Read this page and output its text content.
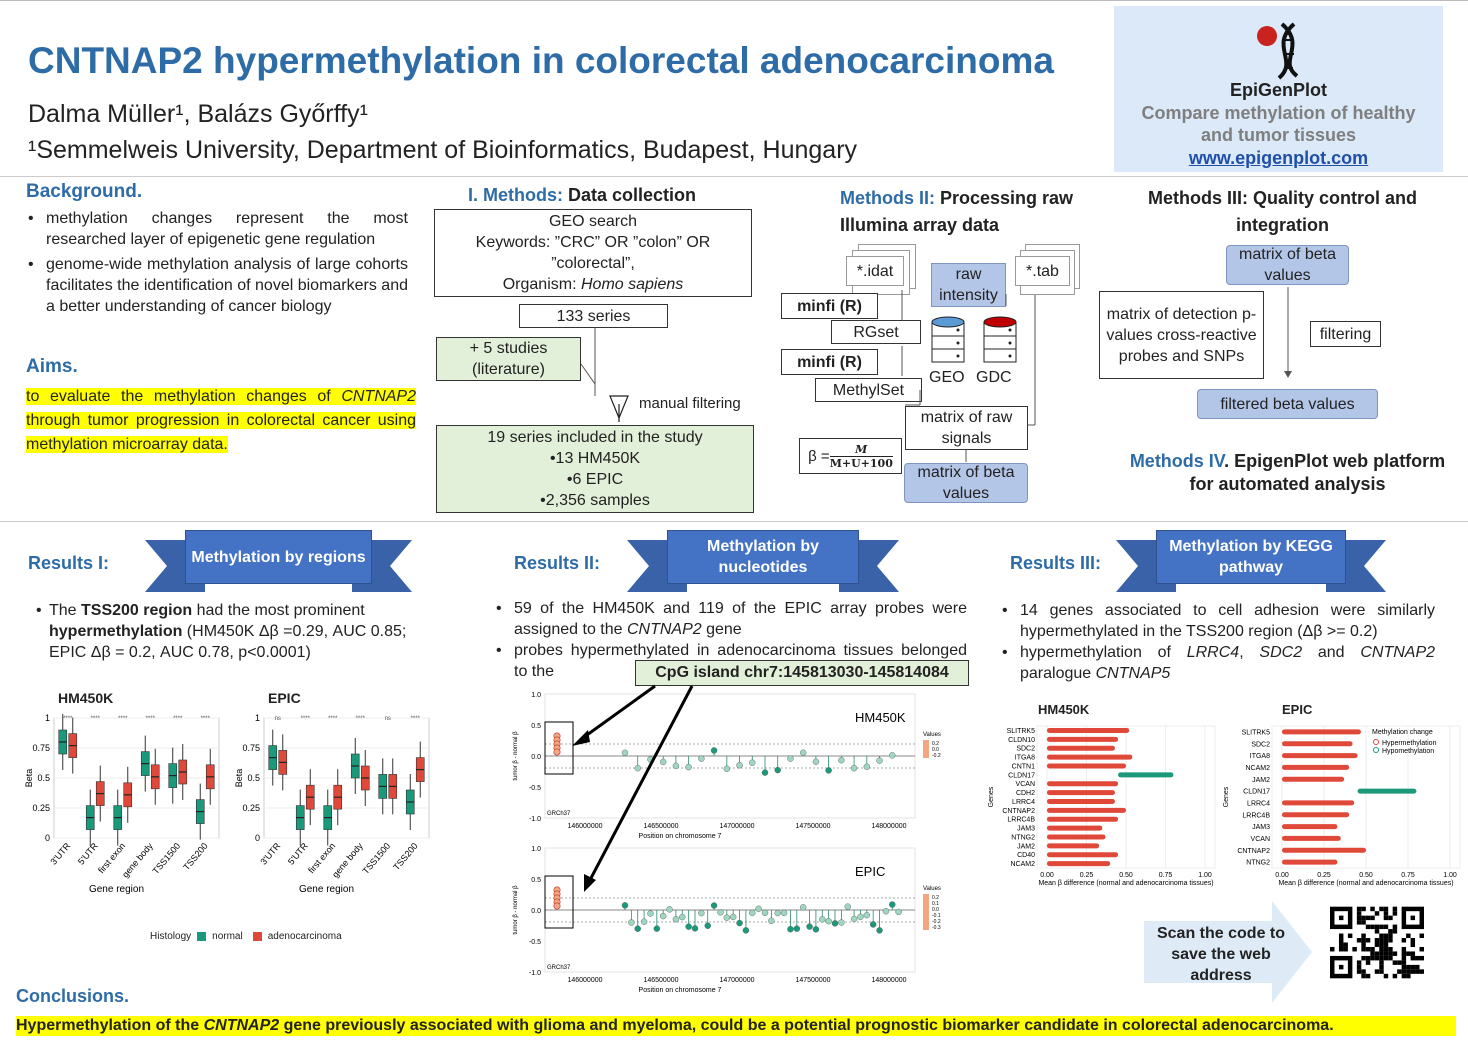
CNTNAP2 hypermethylation in colorectal adenocarcinoma
Dalma Müller¹, Balázs Győrffy¹
¹Semmelweis University, Department of Bioinformatics, Budapest, Hungary
EpiGenPlot
Compare methylation of healthy and tumor tissues
www.epigenplot.com
Background.
• methylation changes represent the most researched layer of epigenetic gene regulation
• genome-wide methylation analysis of large cohorts facilitates the identification of novel biomarkers and a better understanding of cancer biology
Aims.
to evaluate the methylation changes of CNTNAP2 through tumor progression in colorectal cancer using methylation microarray data.
I. Methods: Data collection
GEO search
Keywords: ”CRC” OR ”colon” OR ”colorectal”,
Organism: Homo sapiens
133 series
+ 5 studies (literature)
manual filtering
19 series included in the study
•13 HM450K
•6 EPIC
•2,356 samples
Methods II: Processing raw Illumina array data
*.idat	*.tab
raw intensity
minfi (R)
RGset
minfi (R)
MethylSet
GEO GDC
matrix of raw signals
$\beta = \frac{M}{M+U+100}$
matrix of beta values
Methods III: Quality control and integration
matrix of beta values
matrix of detection p-values cross-reactive probes and SNPs
filtering
filtered beta values
Methods IV. EpigenPlot web platform for automated analysis
Results I:	Methylation by regions
• The TSS200 region had the most prominent hypermethylation (HM450K Δβ =0.29, AUC 0.85; EPIC Δβ = 0.2, AUC 0.78, p<0.0001)
HM450K	EPIC
0
0.25
0.5
0.75
1
Beta
****
3'UTR
****
5'UTR
****
first exon
****
gene body
****
TSS1500
****
TSS200
Gene region
0
0.25
0.5
0.75
1
Beta
ns
3'UTR
****
5'UTR
****
first exon
****
gene body
ns
TSS1500
****
TSS200
Gene region
Histology normal	adenocarcinoma
Results II:
Methylation by nucleotides
• 59 of the HM450K and 119 of the EPIC array probes were assigned to the CNTNAP2 gene
• probes hypermethylated in adenocarcinoma tissues belonged to the	CpG island chr7:145813030-145814084
1.0
0.5
0.0
-0.5
-1.0
tumor β - normal β
146000000	146500000	147000000	147500000	148000000
Position on chromosome 7
GRCh37
HM450K
Values
0.2
0.0
-0.2
1.0
0.5
0.0
-0.5
-1.0
tumor β - normal β
146000000	146500000	147000000	147500000	148000000
Position on chromosome 7
GRCh37
EPIC
Values
0.2
0.1
0.0
-0.1
-0.2
-0.3
Results III:
Methylation by KEGG pathway
• 14 genes associated to cell adhesion were similarly hypermethylated in the TSS200 region (Δβ >= 0.2)
• hypermethylation of LRRC4, SDC2 and CNTNAP2 paralogue CNTNAP5
HM450K	EPIC
0.00	0.25	0.50	0.75	1.00
SLITRK5
CLDN10
SDC2
ITGA8
CNTN1
CLDN17
VCAN
CDH2
LRRC4
CNTNAP2
LRRC4B
JAM3
NTNG2
JAM2
CD40
NCAM2
Genes
Mean β difference (normal and adenocarcinoma tissues)
0.00	0.25	0.50	0.75	1.00
SLITRK5
SDC2
ITGA8
NCAM2
JAM2
CLDN17
LRRC4
LRRC4B
JAM3
VCAN
CNTNAP2
NTNG2
Genes
Mean β difference (normal and adenocarcinoma tissues)
Methylation change
Hypermethylation
Hypomethylation
Scan the code to save the web address
Conclusions.
Hypermethylation of the CNTNAP2 gene previously associated with glioma and myeloma, could be a potential prognostic biomarker candidate in colorectal adenocarcinoma.
